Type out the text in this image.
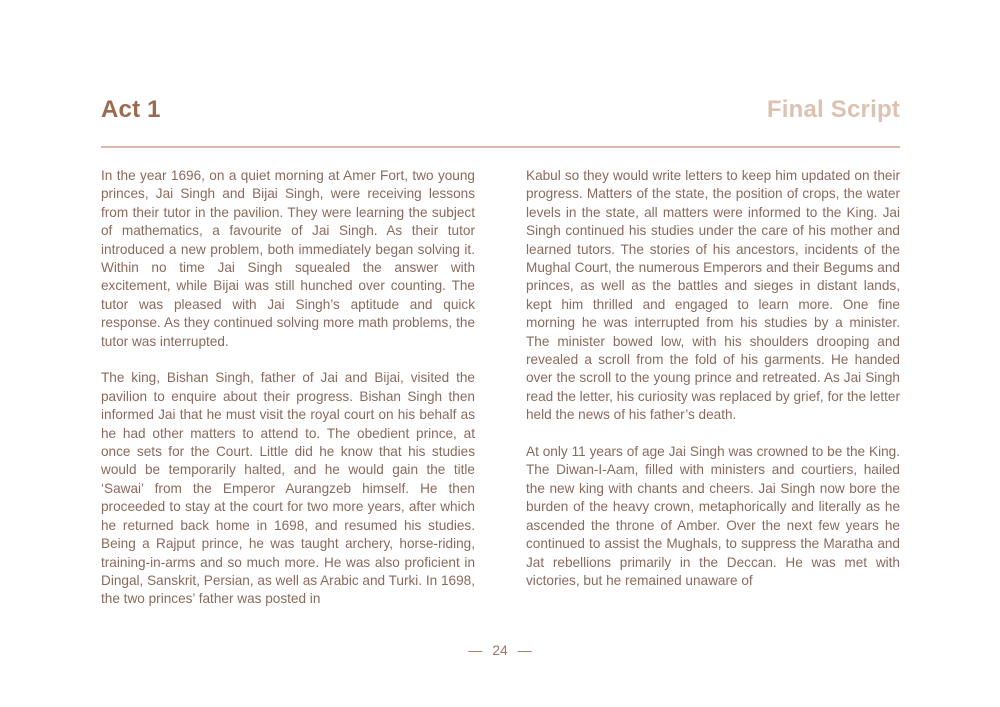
Act 1	Final Script

In the year 1696, on a quiet morning at Amer Fort, two young princes, Jai Singh and Bijai Singh, were receiving lessons from their tutor in the pavilion. They were learning the subject of mathematics, a favourite of Jai Singh. As their tutor introduced a new problem, both immediately began solving it. Within no time Jai Singh squealed the answer with excitement, while Bijai was still hunched over counting. The tutor was pleased with Jai Singh’s aptitude and quick response. As they continued solving more math problems, the tutor was interrupted.

The king, Bishan Singh, father of Jai and Bijai, visited the pavilion to enquire about their progress. Bishan Singh then informed Jai that he must visit the royal court on his behalf as he had other matters to attend to. The obedient prince, at once sets for the Court. Little did he know that his studies would be temporarily halted, and he would gain the title ‘Sawai’ from the Emperor Aurangzeb himself. He then proceeded to stay at the court for two more years, after which he returned back home in 1698, and resumed his studies. Being a Rajput prince, he was taught archery, horse-riding, training-in-arms and so much more. He was also proficient in Dingal, Sanskrit, Persian, as well as Arabic and Turki. In 1698, the two princes’ father was posted in

Kabul so they would write letters to keep him updated on their progress. Matters of the state, the position of crops, the water levels in the state, all matters were informed to the King. Jai Singh continued his studies under the care of his mother and learned tutors. The stories of his ancestors, incidents of the Mughal Court, the numerous Emperors and their Begums and princes, as well as the battles and sieges in distant lands, kept him thrilled and engaged to learn more. One fine morning he was interrupted from his studies by a minister. The minister bowed low, with his shoulders drooping and revealed a scroll from the fold of his garments. He handed over the scroll to the young prince and retreated. As Jai Singh read the letter, his curiosity was replaced by grief, for the letter held the news of his father’s death.

At only 11 years of age Jai Singh was crowned to be the King. The Diwan-I-Aam, filled with ministers and courtiers, hailed the new king with chants and cheers. Jai Singh now bore the burden of the heavy crown, metaphorically and literally as he ascended the throne of Amber. Over the next few years he continued to assist the Mughals, to suppress the Maratha and Jat rebellions primarily in the Deccan. He was met with victories, but he remained unaware of

— 24 —
